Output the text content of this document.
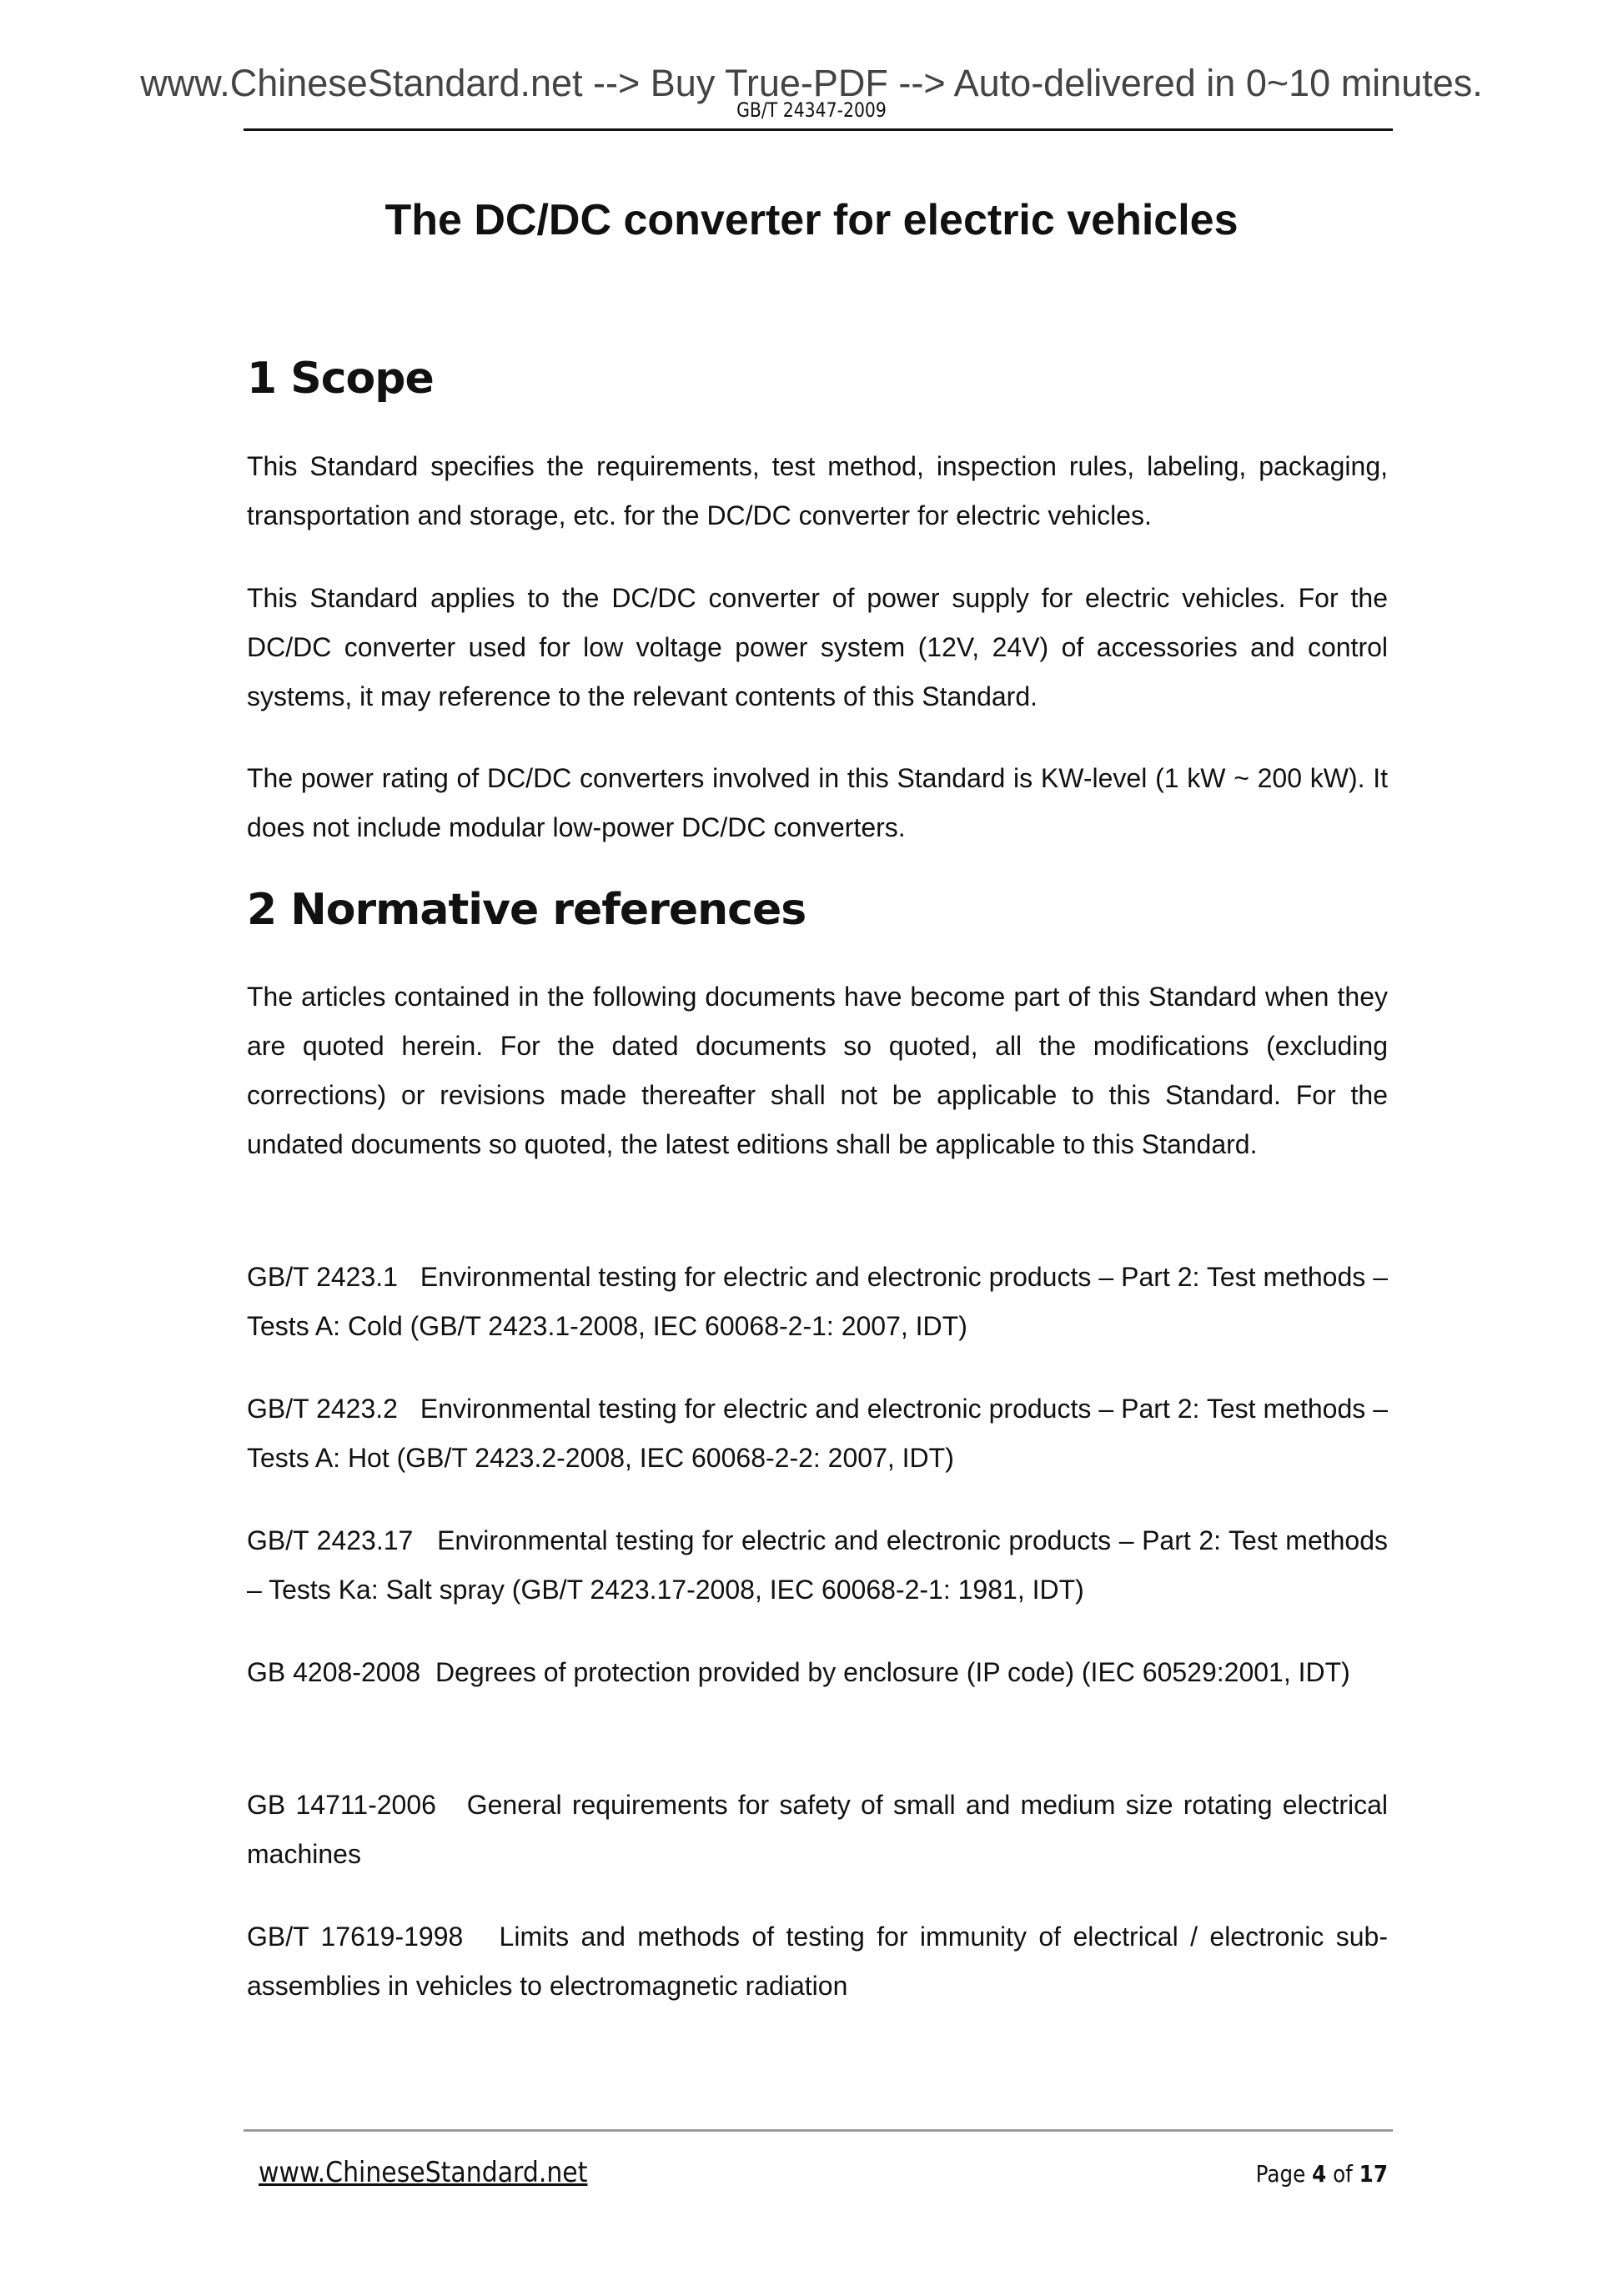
www.ChineseStandard.net --> Buy True-PDF --> Auto-delivered in 0~10 minutes.
GB/T 24347-2009
The DC/DC converter for electric vehicles
1 Scope
This Standard specifies the requirements, test method, inspection rules, labeling, packaging, transportation and storage, etc. for the DC/DC converter for electric vehicles.
This Standard applies to the DC/DC converter of power supply for electric vehicles. For the DC/DC converter used for low voltage power system (12V, 24V) of accessories and control systems, it may reference to the relevant contents of this Standard.
The power rating of DC/DC converters involved in this Standard is KW-level (1 kW ~ 200 kW). It does not include modular low-power DC/DC converters.
2 Normative references
The articles contained in the following documents have become part of this Standard when they are quoted herein. For the dated documents so quoted, all the modifications (excluding corrections) or revisions made thereafter shall not be applicable to this Standard. For the undated documents so quoted, the latest editions shall be applicable to this Standard.
GB/T 2423.1 Environmental testing for electric and electronic products – Part 2: Test methods – Tests A: Cold (GB/T 2423.1-2008, IEC 60068-2-1: 2007, IDT)
GB/T 2423.2 Environmental testing for electric and electronic products – Part 2: Test methods – Tests A: Hot (GB/T 2423.2-2008, IEC 60068-2-2: 2007, IDT)
GB/T 2423.17 Environmental testing for electric and electronic products – Part 2: Test methods – Tests Ka: Salt spray (GB/T 2423.17-2008, IEC 60068-2-1: 1981, IDT)
GB 4208-2008 Degrees of protection provided by enclosure (IP code) (IEC 60529:2001, IDT)
GB 14711-2006 General requirements for safety of small and medium size rotating electrical machines
GB/T 17619-1998 Limits and methods of testing for immunity of electrical / electronic sub-assemblies in vehicles to electromagnetic radiation
www.ChineseStandard.net	Page 4 of 17
